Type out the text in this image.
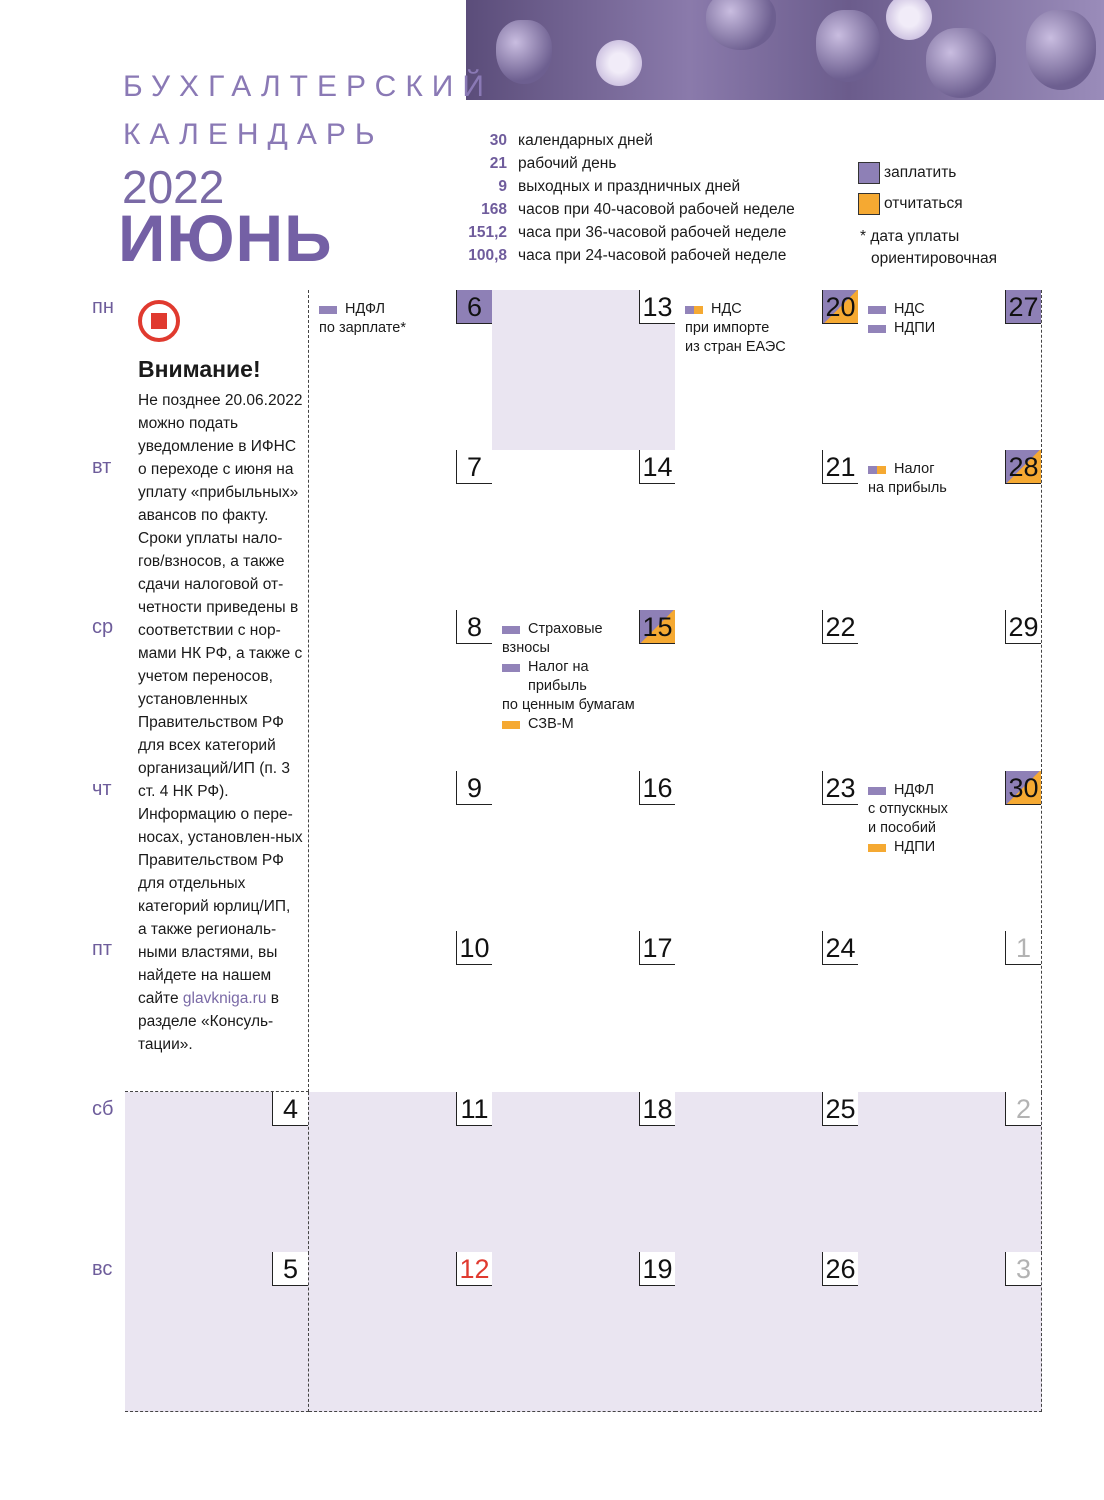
БУХГАЛТЕРСКИЙ
КАЛЕНДАРЬ
2022
ИЮНЬ
30 календарных дней
21 рабочий день
9 выходных и праздничных дней
168 часов при 40-часовой рабочей неделе
151,2 часа при 36-часовой рабочей неделе
100,8 часа при 24-часовой рабочей неделе
заплатить
отчитаться
* дата уплаты
ориентировочная
пн
вт
ср
чт
пт
сб
вс
4
5
6
НДФЛ
по зарплате*
7
8
9
10
11
12
13
14
15
Страховые
взносы
Налог на прибыль
по ценным бумагам
СЗВ-М
16
17
18
19
20
НДС
при импорте
из стран ЕАЭС
21
22
23
24
25
26
27
НДС
НДПИ
28
Налог
на прибыль
29
30
НДФЛ
с отпускных
и пособий
НДПИ
1
2
3
Внимание!
Не позднее 20.06.2022 можно подать уведомление в ИФНС о переходе с июня на уплату «прибыльных» авансов по факту. Сроки уплаты нало-гов/взносов, а также сдачи налоговой от-четности приведены в соответствии с нор-мами НК РФ, а также с учетом переносов, установленных Правительством РФ для всех категорий организаций/ИП (п. 3 ст. 4 НК РФ). Информацию о пере-носах, установлен-ных Правительством РФ для отдельных категорий юрлиц/ИП, а также региональ-ными властями, вы найдете на нашем сайте glavkniga.ru в разделе «Консуль-тации».
